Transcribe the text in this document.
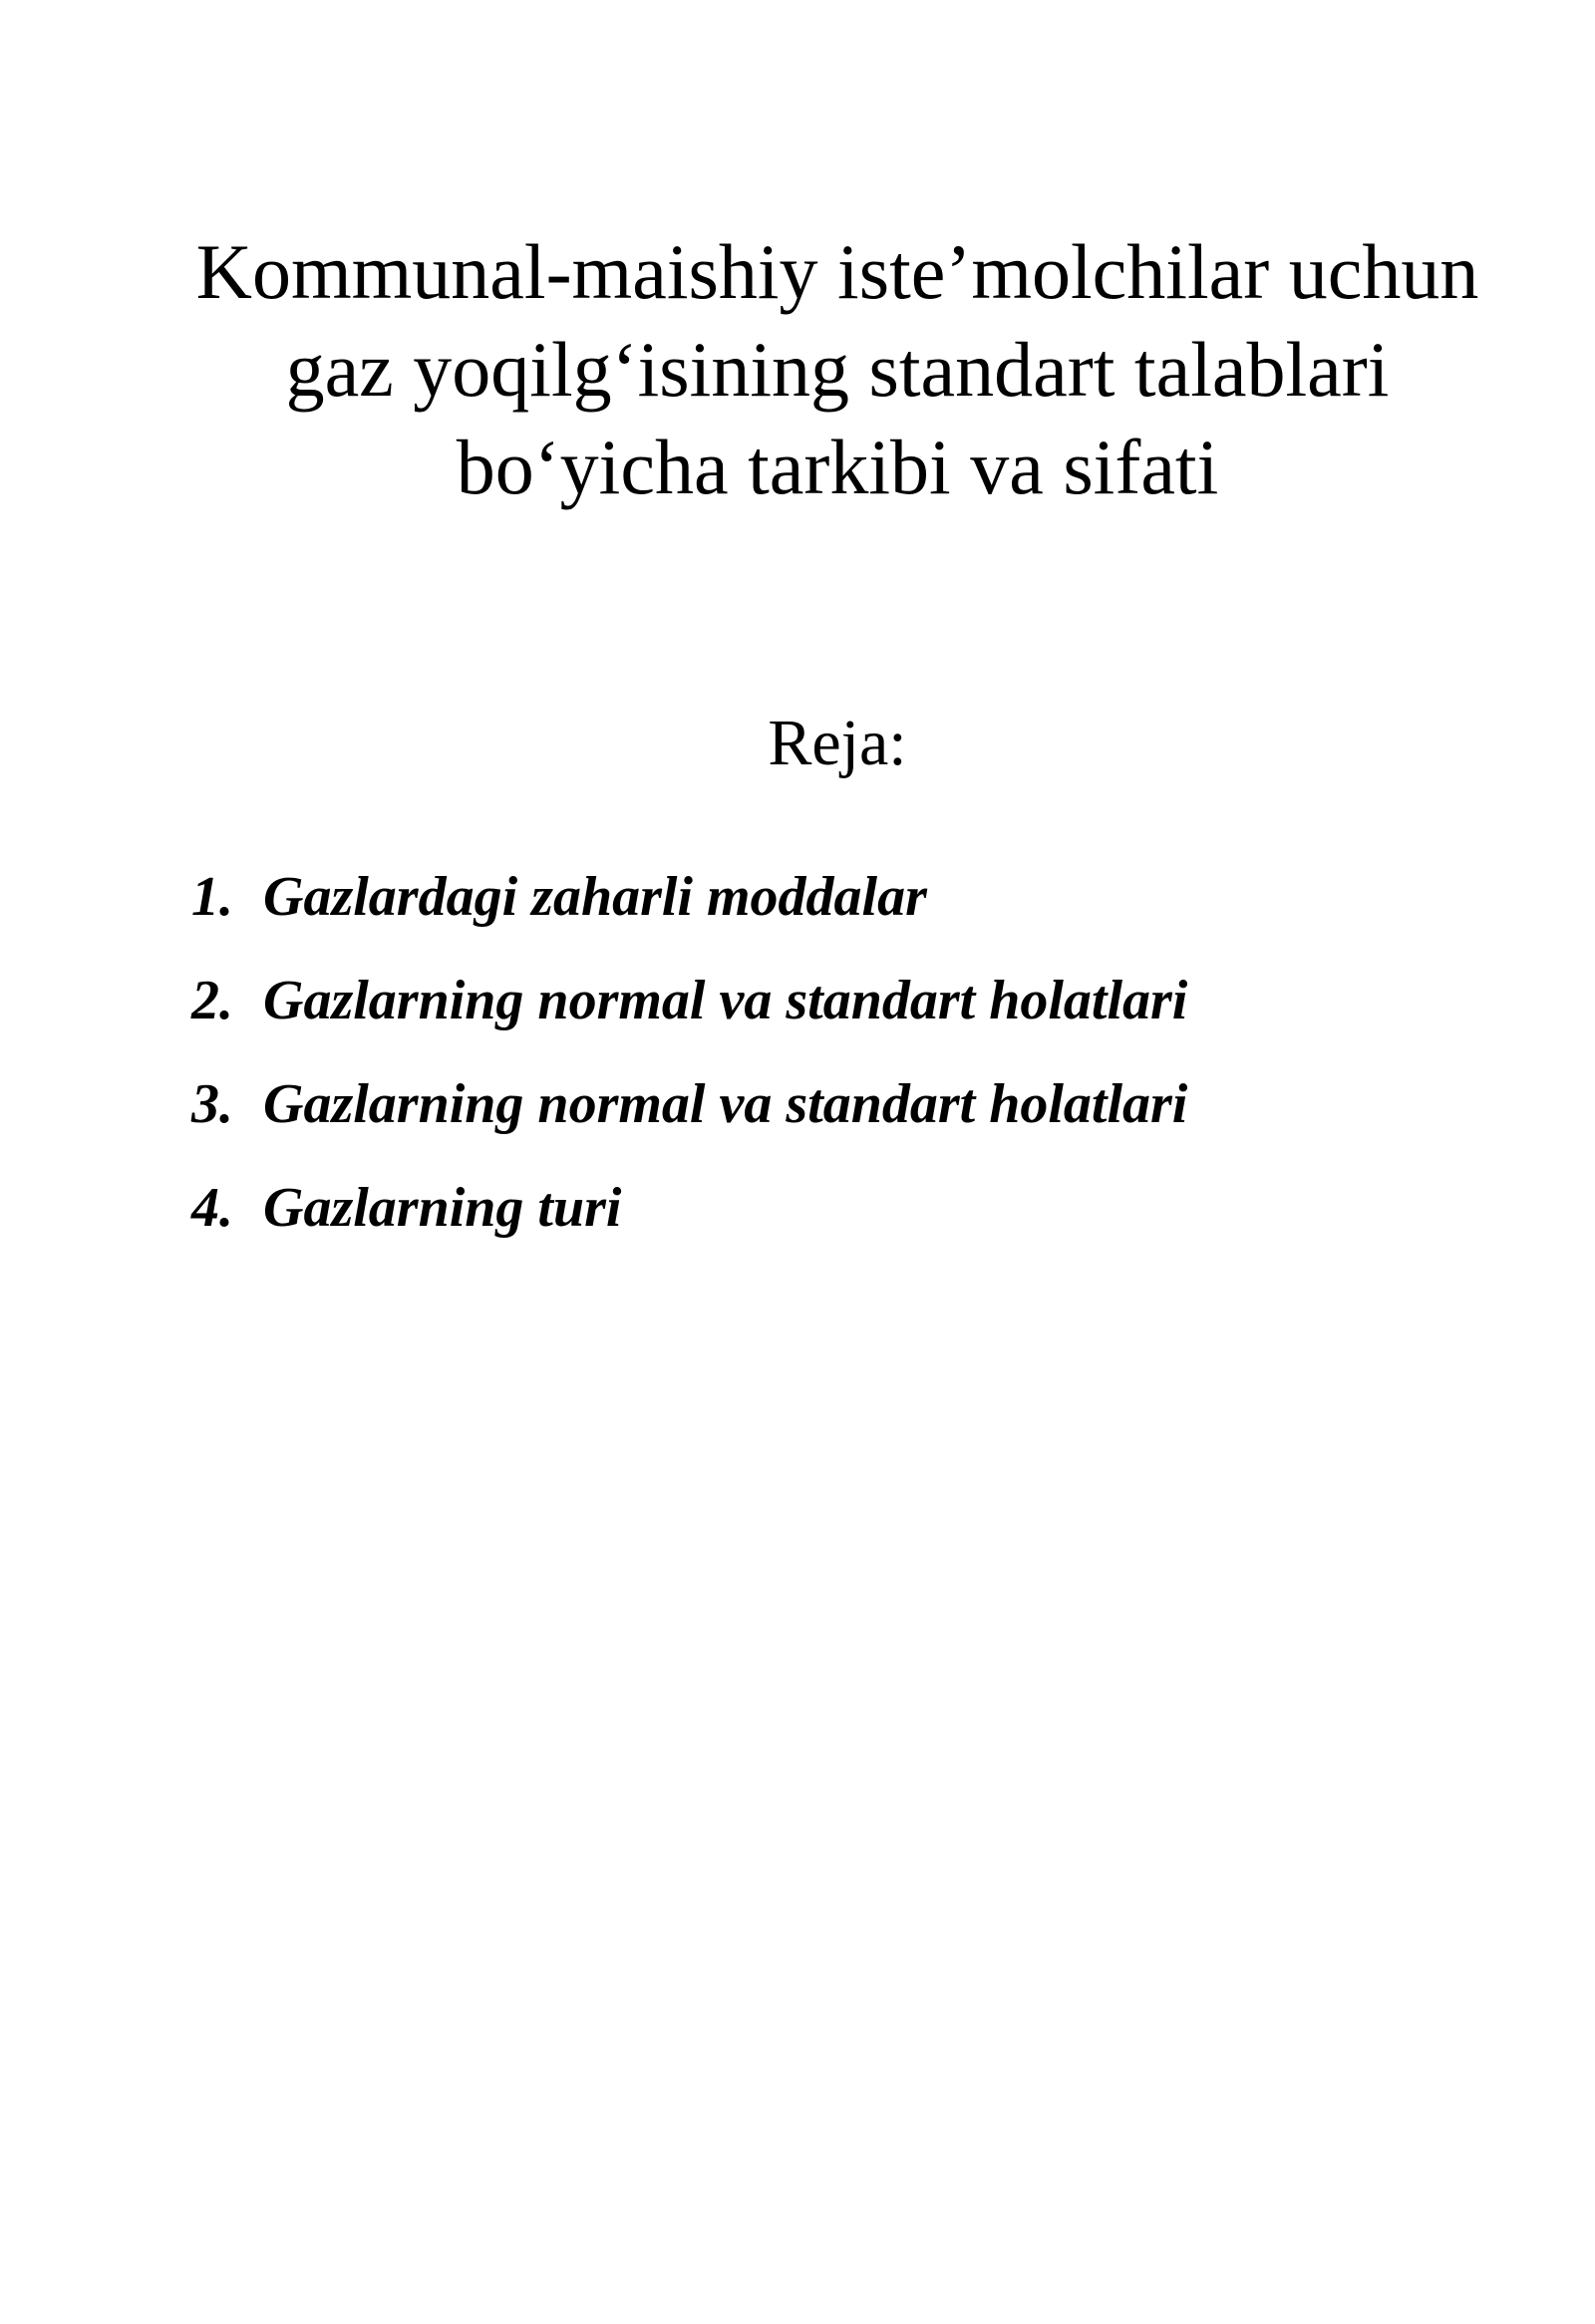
Kommunal-maishiy iste’molchilar uchun
gaz yoqilg‘isining standart talablari
bo‘yicha tarkibi va sifati
Reja:
1. Gazlardagi zaharli moddalar
2. Gazlarning normal va standart holatlari
3. Gazlarning normal va standart holatlari
4. Gazlarning turi
